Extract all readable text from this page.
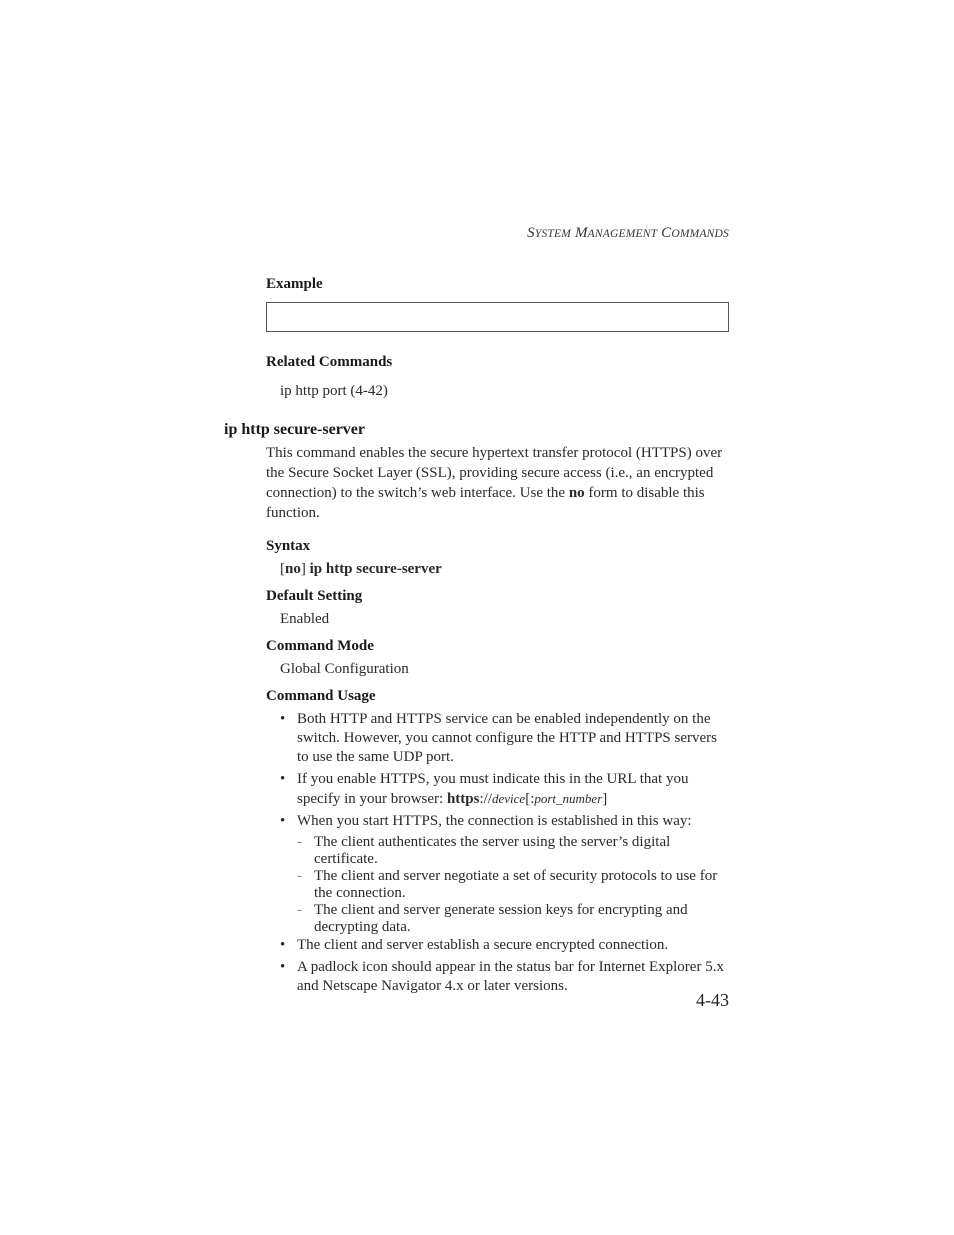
SYSTEM MANAGEMENT COMMANDS
Example
Related Commands
ip http port (4-42)
ip http secure-server
This command enables the secure hypertext transfer protocol (HTTPS) over the Secure Socket Layer (SSL), providing secure access (i.e., an encrypted connection) to the switch’s web interface. Use the no form to disable this function.
Syntax
[no] ip http secure-server
Default Setting
Enabled
Command Mode
Global Configuration
Command Usage
• Both HTTP and HTTPS service can be enabled independently on the switch. However, you cannot configure the HTTP and HTTPS servers to use the same UDP port.
• If you enable HTTPS, you must indicate this in the URL that you specify in your browser: https://device[:port_number]
• When you start HTTPS, the connection is established in this way:
- The client authenticates the server using the server’s digital certificate.
- The client and server negotiate a set of security protocols to use for the connection.
- The client and server generate session keys for encrypting and decrypting data.
• The client and server establish a secure encrypted connection.
• A padlock icon should appear in the status bar for Internet Explorer 5.x and Netscape Navigator 4.x or later versions.
4-43
